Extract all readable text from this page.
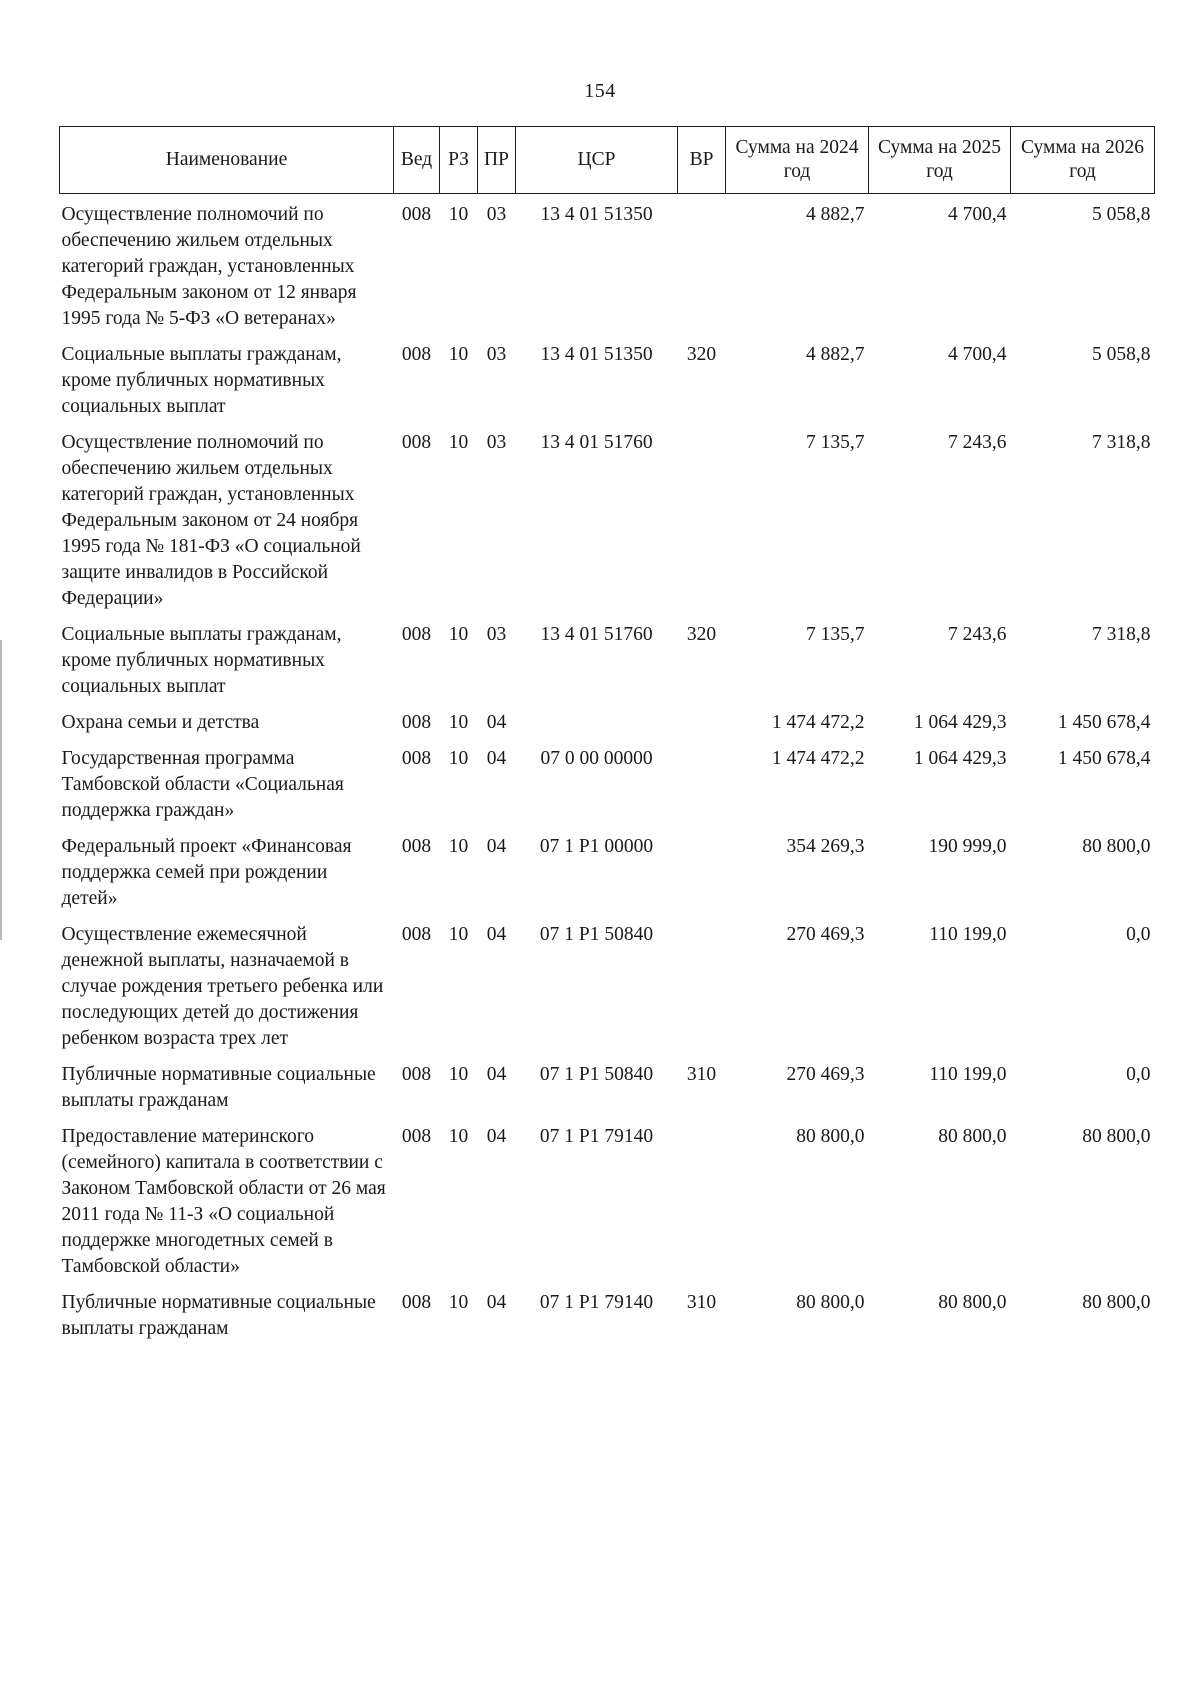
154
Наименование	Вед	РЗ	ПР	ЦСР	ВР	Сумма на 2024 год	Сумма на 2025 год	Сумма на 2026 год
Осуществление полномочий по обеспечению жильем отдельных категорий граждан, установленных Федеральным законом от 12 января 1995 года № 5-ФЗ «О ветеранах»	008	10	03	13 4 01 51350		4 882,7	4 700,4	5 058,8
Социальные выплаты гражданам, кроме публичных нормативных социальных выплат	008	10	03	13 4 01 51350	320	4 882,7	4 700,4	5 058,8
Осуществление полномочий по обеспечению жильем отдельных категорий граждан, установленных Федеральным законом от 24 ноября 1995 года № 181-ФЗ «О социальной защите инвалидов в Российской Федерации»	008	10	03	13 4 01 51760		7 135,7	7 243,6	7 318,8
Социальные выплаты гражданам, кроме публичных нормативных социальных выплат	008	10	03	13 4 01 51760	320	7 135,7	7 243,6	7 318,8
Охрана семьи и детства	008	10	04			1 474 472,2	1 064 429,3	1 450 678,4
Государственная программа Тамбовской области «Социальная поддержка граждан»	008	10	04	07 0 00 00000		1 474 472,2	1 064 429,3	1 450 678,4
Федеральный проект «Финансовая поддержка семей при рождении детей»	008	10	04	07 1 Р1 00000		354 269,3	190 999,0	80 800,0
Осуществление ежемесячной денежной выплаты, назначаемой в случае рождения третьего ребенка или последующих детей до достижения ребенком возраста трех лет	008	10	04	07 1 Р1 50840		270 469,3	110 199,0	0,0
Публичные нормативные социальные выплаты гражданам	008	10	04	07 1 Р1 50840	310	270 469,3	110 199,0	0,0
Предоставление материнского (семейного) капитала в соответствии с Законом Тамбовской области от 26 мая 2011 года № 11-З «О социальной поддержке многодетных семей в Тамбовской области»	008	10	04	07 1 Р1 79140		80 800,0	80 800,0	80 800,0
Публичные нормативные социальные выплаты гражданам	008	10	04	07 1 Р1 79140	310	80 800,0	80 800,0	80 800,0
